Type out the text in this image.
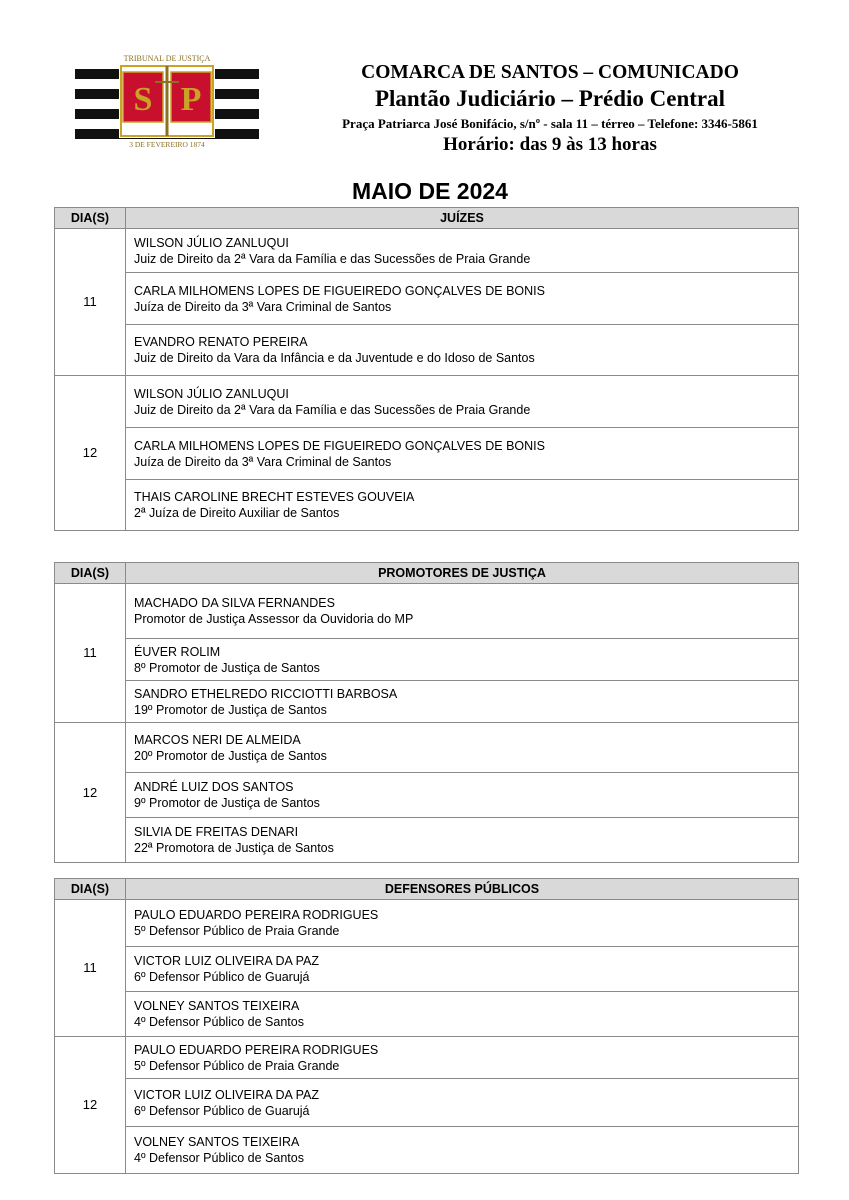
S P
TRIBUNAL DE JUSTIÇA
3 DE FEVEREIRO 1874
COMARCA DE SANTOS – COMUNICADO
Plantão Judiciário – Prédio Central
Praça Patriarca José Bonifácio, s/nº - sala 11 – térreo – Telefone: 3346-5861
Horário: das 9 às 13 horas
MAIO DE 2024
DIA(S)	JUÍZES
11	WILSON JÚLIO ZANLUQUI
Juiz de Direito da 2ª Vara da Família e das Sucessões de Praia Grande

	CARLA MILHOMENS LOPES DE FIGUEIREDO GONÇALVES DE BONIS
Juíza de Direito da 3ª Vara Criminal de Santos

	EVANDRO RENATO PEREIRA
Juiz de Direito da Vara da Infância e da Juventude e do Idoso de Santos

12	WILSON JÚLIO ZANLUQUI
Juiz de Direito da 2ª Vara da Família e das Sucessões de Praia Grande

	CARLA MILHOMENS LOPES DE FIGUEIREDO GONÇALVES DE BONIS
Juíza de Direito da 3ª Vara Criminal de Santos

	THAIS CAROLINE BRECHT ESTEVES GOUVEIA
2ª Juíza de Direito Auxiliar de Santos
DIA(S)	PROMOTORES DE JUSTIÇA
11	MACHADO DA SILVA FERNANDES
Promotor de Justiça Assessor da Ouvidoria do MP

	ÉUVER ROLIM
8º Promotor de Justiça de Santos

	SANDRO ETHELREDO RICCIOTTI BARBOSA
19º Promotor de Justiça de Santos

12	MARCOS NERI DE ALMEIDA
20º Promotor de Justiça de Santos

	ANDRÉ LUIZ DOS SANTOS
9º Promotor de Justiça de Santos

	SILVIA DE FREITAS DENARI
22ª Promotora de Justiça de Santos
DIA(S)	DEFENSORES PÚBLICOS
11	PAULO EDUARDO PEREIRA RODRIGUES
5º Defensor Público de Praia Grande

	VICTOR LUIZ OLIVEIRA DA PAZ
6º Defensor Público de Guarujá

	VOLNEY SANTOS TEIXEIRA
4º Defensor Público de Santos

12	PAULO EDUARDO PEREIRA RODRIGUES
5º Defensor Público de Praia Grande

	VICTOR LUIZ OLIVEIRA DA PAZ
6º Defensor Público de Guarujá

	VOLNEY SANTOS TEIXEIRA
4º Defensor Público de Santos
